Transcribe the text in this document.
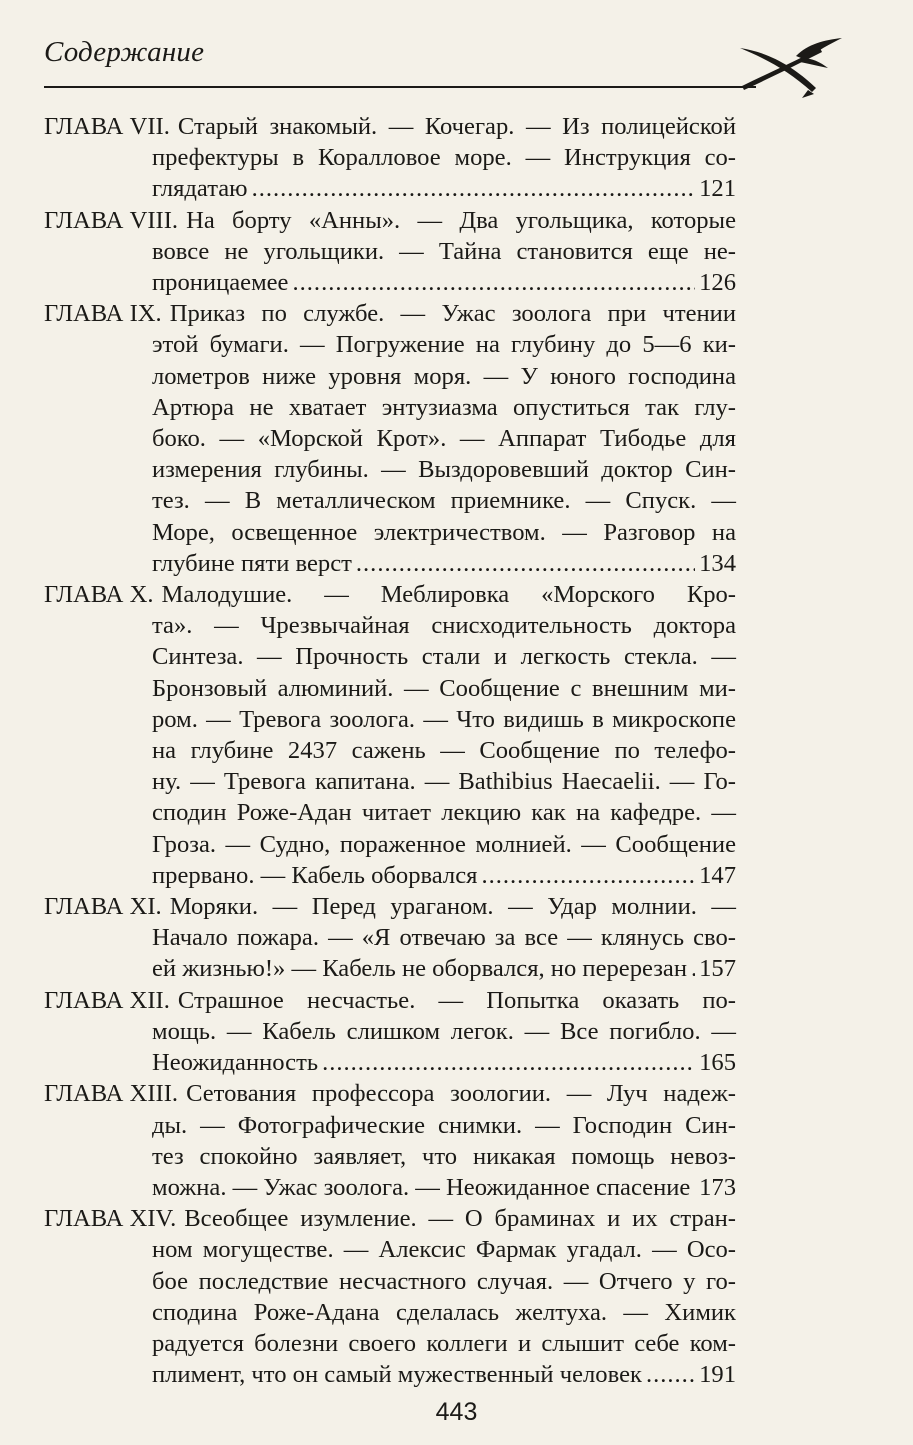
Содержание
ГЛАВА VII. Старый знакомый. — Кочегар. — Из полицейской
префектуры в Коралловое море. — Инструкция со-
глядатаю .....	121
ГЛАВА VIII. На борту «Анны». — Два угольщика, которые
вовсе не угольщики. — Тайна становится еще не-
проницаемее .....	126
ГЛАВА IX. Приказ по службе. — Ужас зоолога при чтении
этой бумаги. — Погружение на глубину до 5—6 ки-
лометров ниже уровня моря. — У юного господина
Артюра не хватает энтузиазма опуститься так глу-
боко. — «Морской Крот». — Аппарат Тибодье для
измерения глубины. — Выздоровевший доктор Син-
тез. — В металлическом приемнике. — Спуск. —
Море, освещенное электричеством. — Разговор на
глубине пяти верст .....	134
ГЛАВА X. Малодушие. — Меблировка «Морского Кро-
та». — Чрезвычайная снисходительность доктора
Синтеза. — Прочность стали и легкость стекла. —
Бронзовый алюминий. — Сообщение с внешним ми-
ром. — Тревога зоолога. — Что видишь в микроскопе
на глубине 2437 сажень — Сообщение по телефо-
ну. — Тревога капитана. — Bathibius Haecaelii. — Го-
сподин Роже-Адан читает лекцию как на кафедре. —
Гроза. — Судно, пораженное молнией. — Сообщение
прервано. — Кабель оборвался .....	147
ГЛАВА XI. Моряки. — Перед ураганом. — Удар молнии. —
Начало пожара. — «Я отвечаю за все — клянусь сво-
ей жизнью!» — Кабель не оборвался, но перерезан ..... 157
ГЛАВА XII. Страшное несчастье. — Попытка оказать по-
мощь. — Кабель слишком легок. — Все погибло. —
Неожиданность .....	165
ГЛАВА XIII. Сетования профессора зоологии. — Луч надеж-
ды. — Фотографические снимки. — Господин Син-
тез спокойно заявляет, что никакая помощь невоз-
можна. — Ужас зоолога. — Неожиданное спасение ..... 173
ГЛАВА XIV. Всеобщее изумление. — О браминах и их стран-
ном могуществе. — Алексис Фармак угадал. — Осо-
бое последствие несчастного случая. — Отчего у го-
сподина Роже-Адана сделалась желтуха. — Химик
радуется болезни своего коллеги и слышит себе ком-
плимент, что он самый мужественный человек ..... 191
443
